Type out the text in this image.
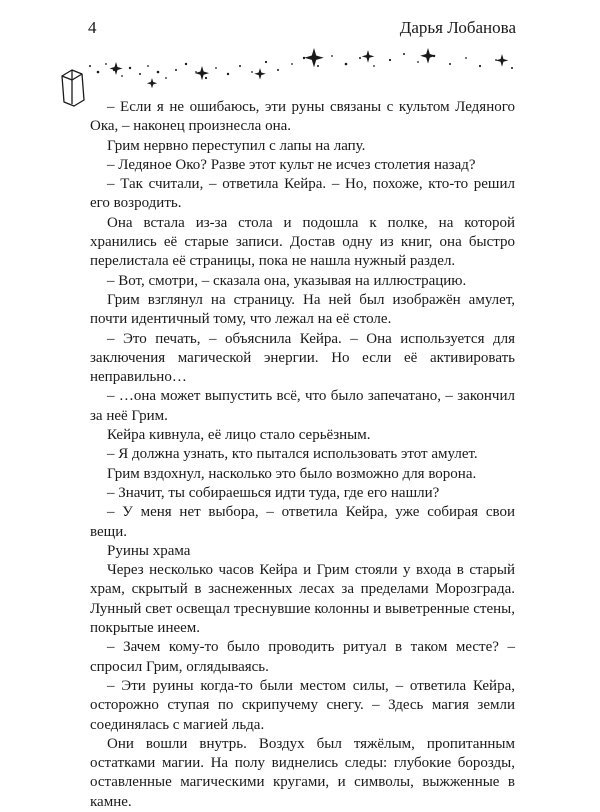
4	Дарья Лобанова

– Если я не ошибаюсь, эти руны связаны с культом Ледяного Ока, – наконец произнесла она.

Грим нервно переступил с лапы на лапу.

– Ледяное Око? Разве этот культ не исчез столетия назад?

– Так считали, – ответила Кейра. – Но, похоже, кто-то решил его возродить.

Она встала из-за стола и подошла к полке, на которой хранились её старые записи. Достав одну из книг, она быстро перелистала её страницы, пока не нашла нужный раздел.

– Вот, смотри, – сказала она, указывая на иллюстрацию.

Грим взглянул на страницу. На ней был изображён амулет, почти идентичный тому, что лежал на её столе.

– Это печать, – объяснила Кейра. – Она используется для заключения магической энергии. Но если её активировать неправильно…

– …она может выпустить всё, что было запечатано, – закончил за неё Грим.

Кейра кивнула, её лицо стало серьёзным.

– Я должна узнать, кто пытался использовать этот амулет.

Грим вздохнул, насколько это было возможно для ворона.

– Значит, ты собираешься идти туда, где его нашли?

– У меня нет выбора, – ответила Кейра, уже собирая свои вещи.

Руины храма

Через несколько часов Кейра и Грим стояли у входа в старый храм, скрытый в заснеженных лесах за пределами Морозграда. Лунный свет освещал треснувшие колонны и выветренные стены, покрытые инеем.

– Зачем кому-то было проводить ритуал в таком месте? – спросил Грим, оглядываясь.

– Эти руины когда-то были местом силы, – ответила Кейра, осторожно ступая по скрипучему снегу. – Здесь магия земли соединялась с магией льда.

Они вошли внутрь. Воздух был тяжёлым, пропитанным остатками магии. На полу виднелись следы: глубокие борозды, оставленные магическими кругами, и символы, выжженные в камне.
